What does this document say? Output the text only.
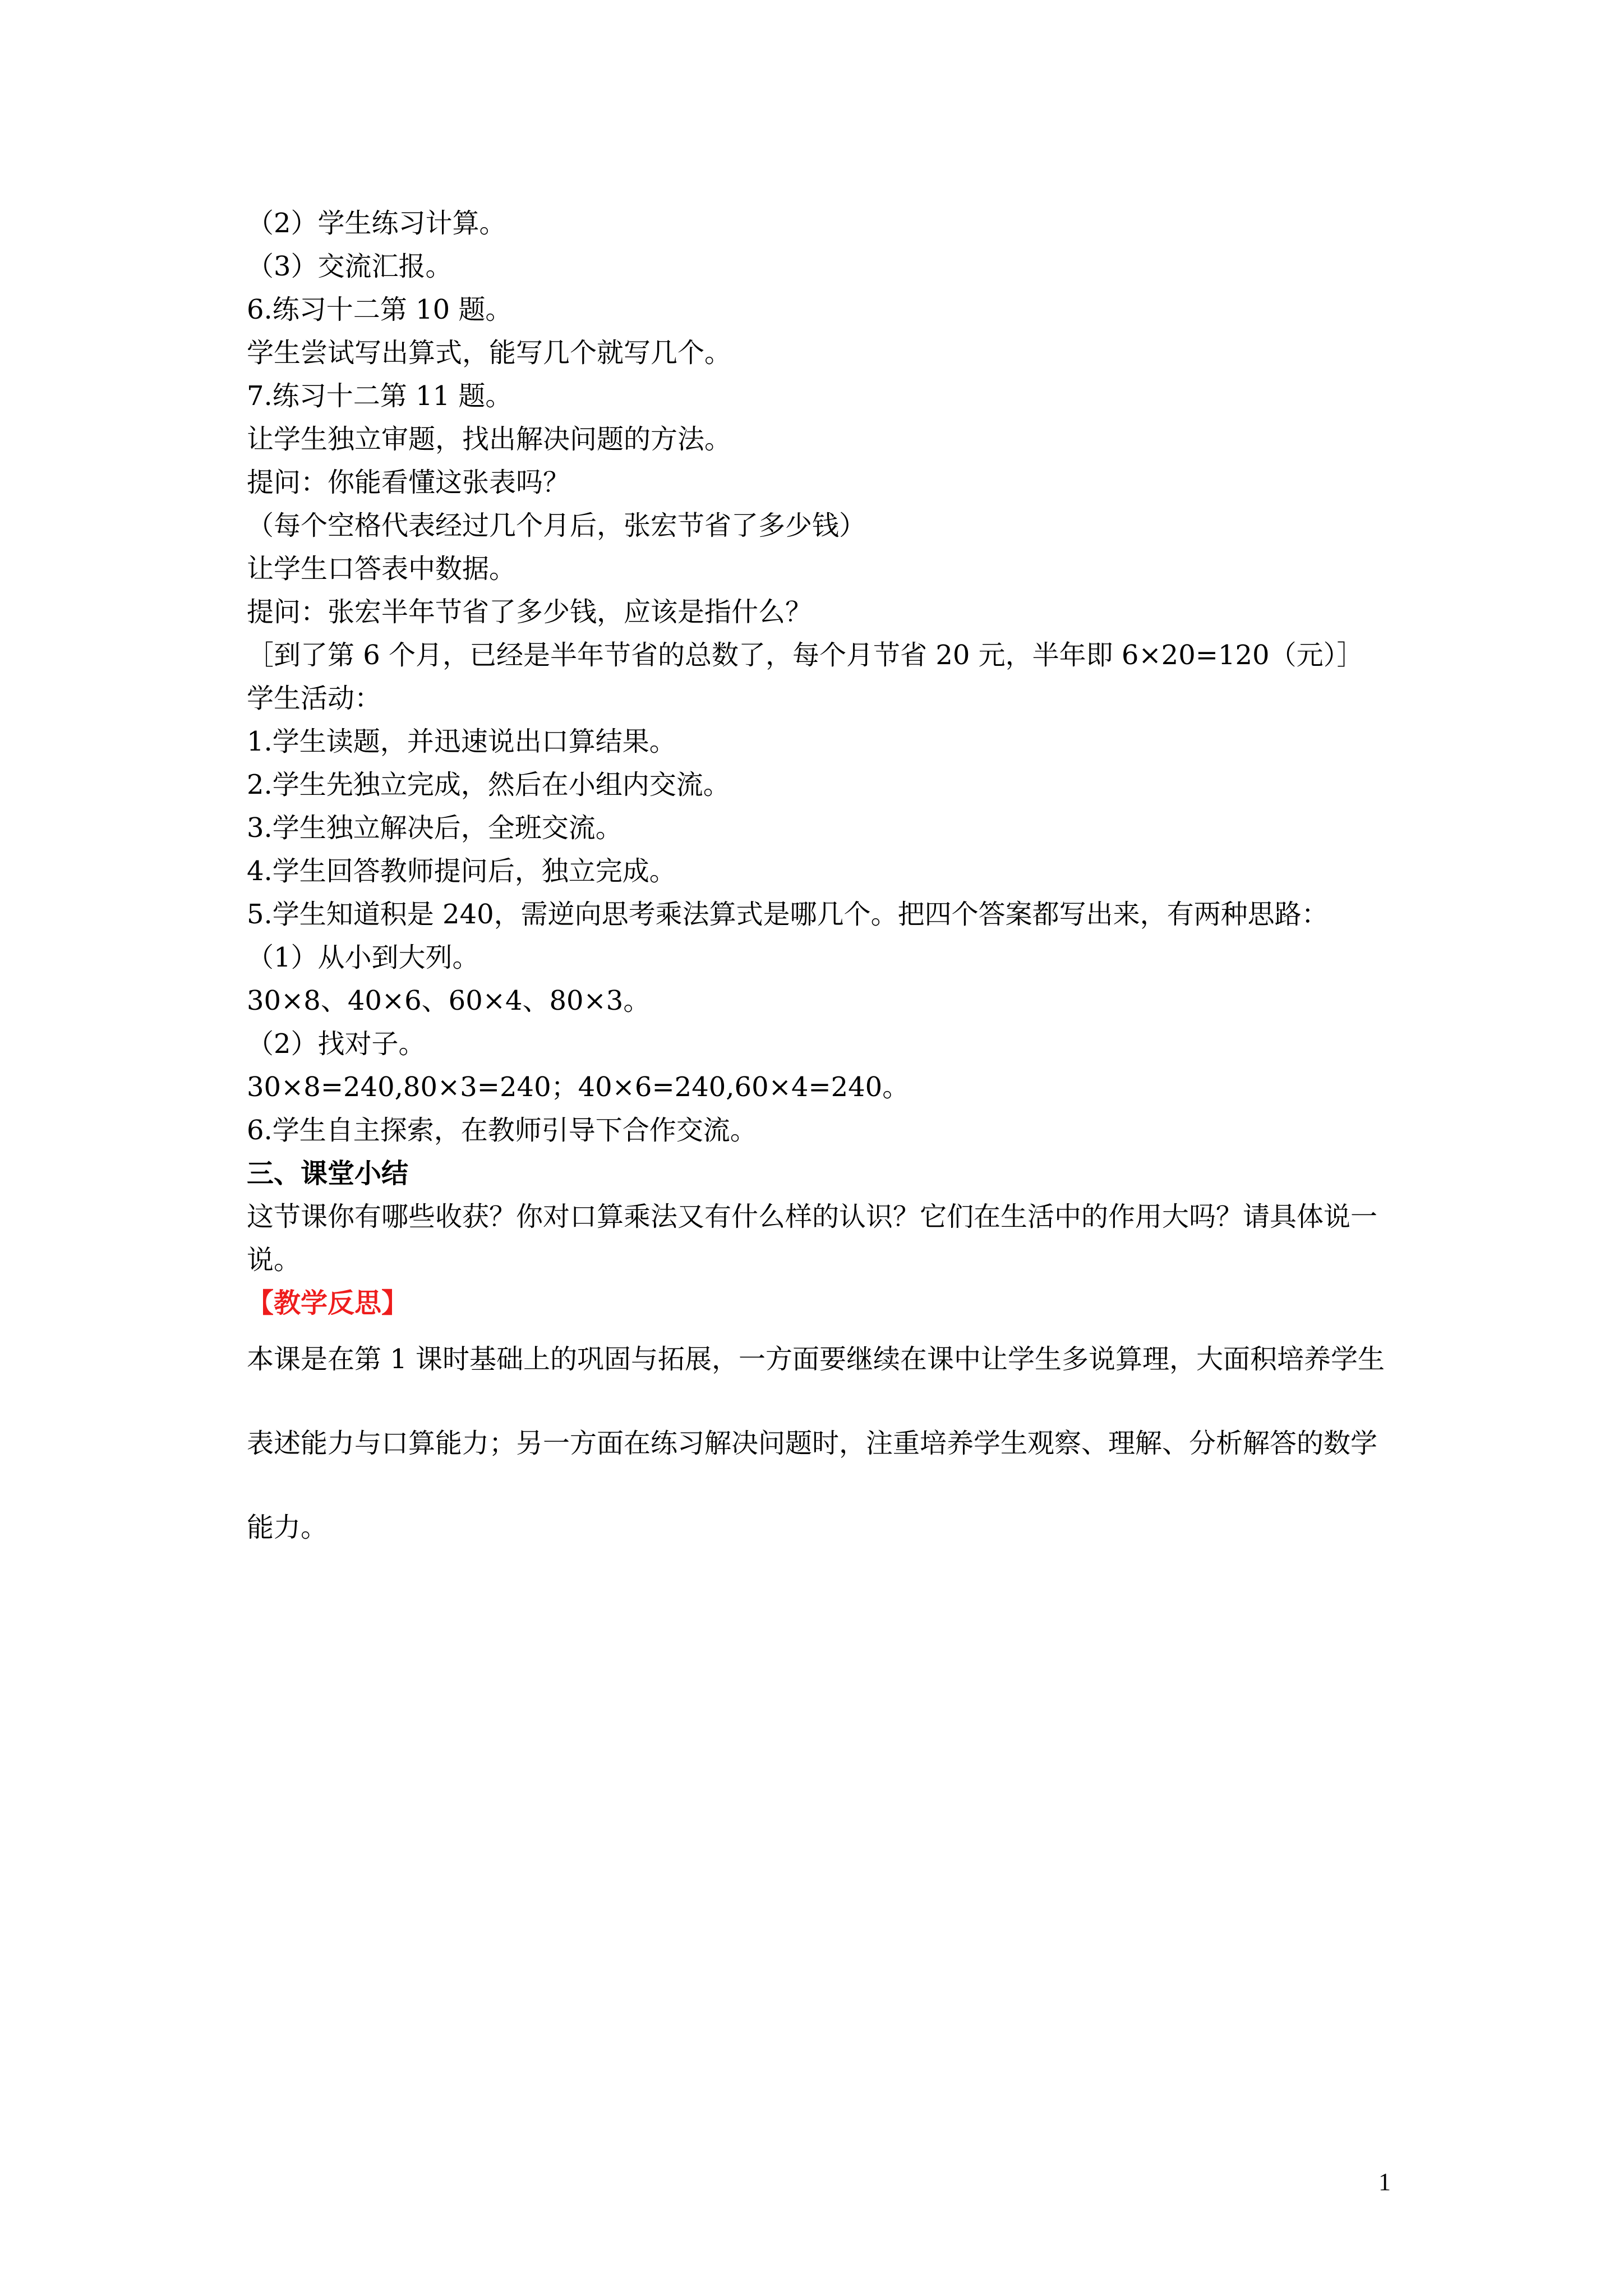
（2）学生练习计算。
（3）交流汇报。
6.练习十二第 10 题。
学生尝试写出算式，能写几个就写几个。
7.练习十二第 11 题。
让学生独立审题，找出解决问题的方法。
提问：你能看懂这张表吗？
（每个空格代表经过几个月后，张宏节省了多少钱）
让学生口答表中数据。
提问：张宏半年节省了多少钱，应该是指什么？
［到了第 6 个月，已经是半年节省的总数了，每个月节省 20 元，半年即 6×20=120（元）］
学生活动：
1.学生读题，并迅速说出口算结果。
2.学生先独立完成，然后在小组内交流。
3.学生独立解决后，全班交流。
4.学生回答教师提问后，独立完成。
5.学生知道积是 240，需逆向思考乘法算式是哪几个。把四个答案都写出来，有两种思路：
（1）从小到大列。
30×8、40×6、60×4、80×3。
（2）找对子。
30×8=240,80×3=240；40×6=240,60×4=240。
6.学生自主探索，在教师引导下合作交流。
三、课堂小结
这节课你有哪些收获？你对口算乘法又有什么样的认识？它们在生活中的作用大吗？请具体说一说。
【教学反思】
本课是在第 1 课时基础上的巩固与拓展，一方面要继续在课中让学生多说算理，大面积培养学生表述能力与口算能力；另一方面在练习解决问题时，注重培养学生观察、理解、分析解答的数学能力。
1
